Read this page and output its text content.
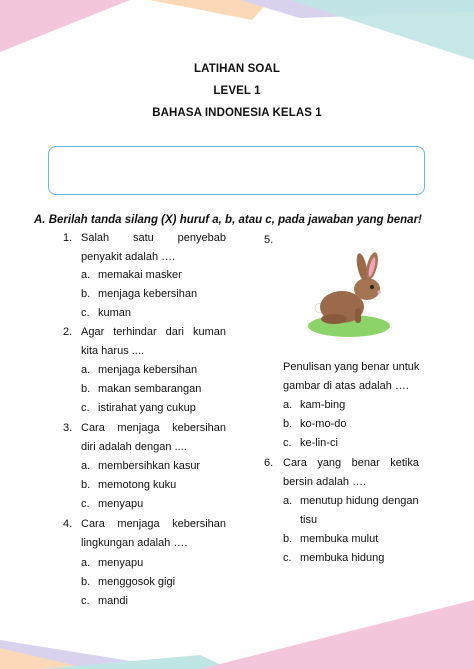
LATIHAN SOAL
LEVEL 1
BAHASA INDONESIA KELAS 1
A. Berilah tanda silang (X) huruf a, b, atau c, pada jawaban yang benar!
1. Salah satu penyebab
penyakit adalah ….
a. memakai masker
b. menjaga kebersihan
c. kuman
2. Agar terhindar dari kuman
kita harus ....
a. menjaga kebersihan
b. makan sembarangan
c. istirahat yang cukup
3. Cara menjaga kebersihan
diri adalah dengan ....
a. membersihkan kasur
b. memotong kuku
c. menyapu
4. Cara menjaga kebersihan
lingkungan adalah ….
a. menyapu
b. menggosok gigi
c. mandi
5.
Penulisan yang benar untuk
gambar di atas adalah ….
a. kam-bing
b. ko-mo-do
c. ke-lin-ci
6. Cara yang benar ketika
bersin adalah ….
a. menutup hidung dengan
tisu
b. membuka mulut
c. membuka hidung
